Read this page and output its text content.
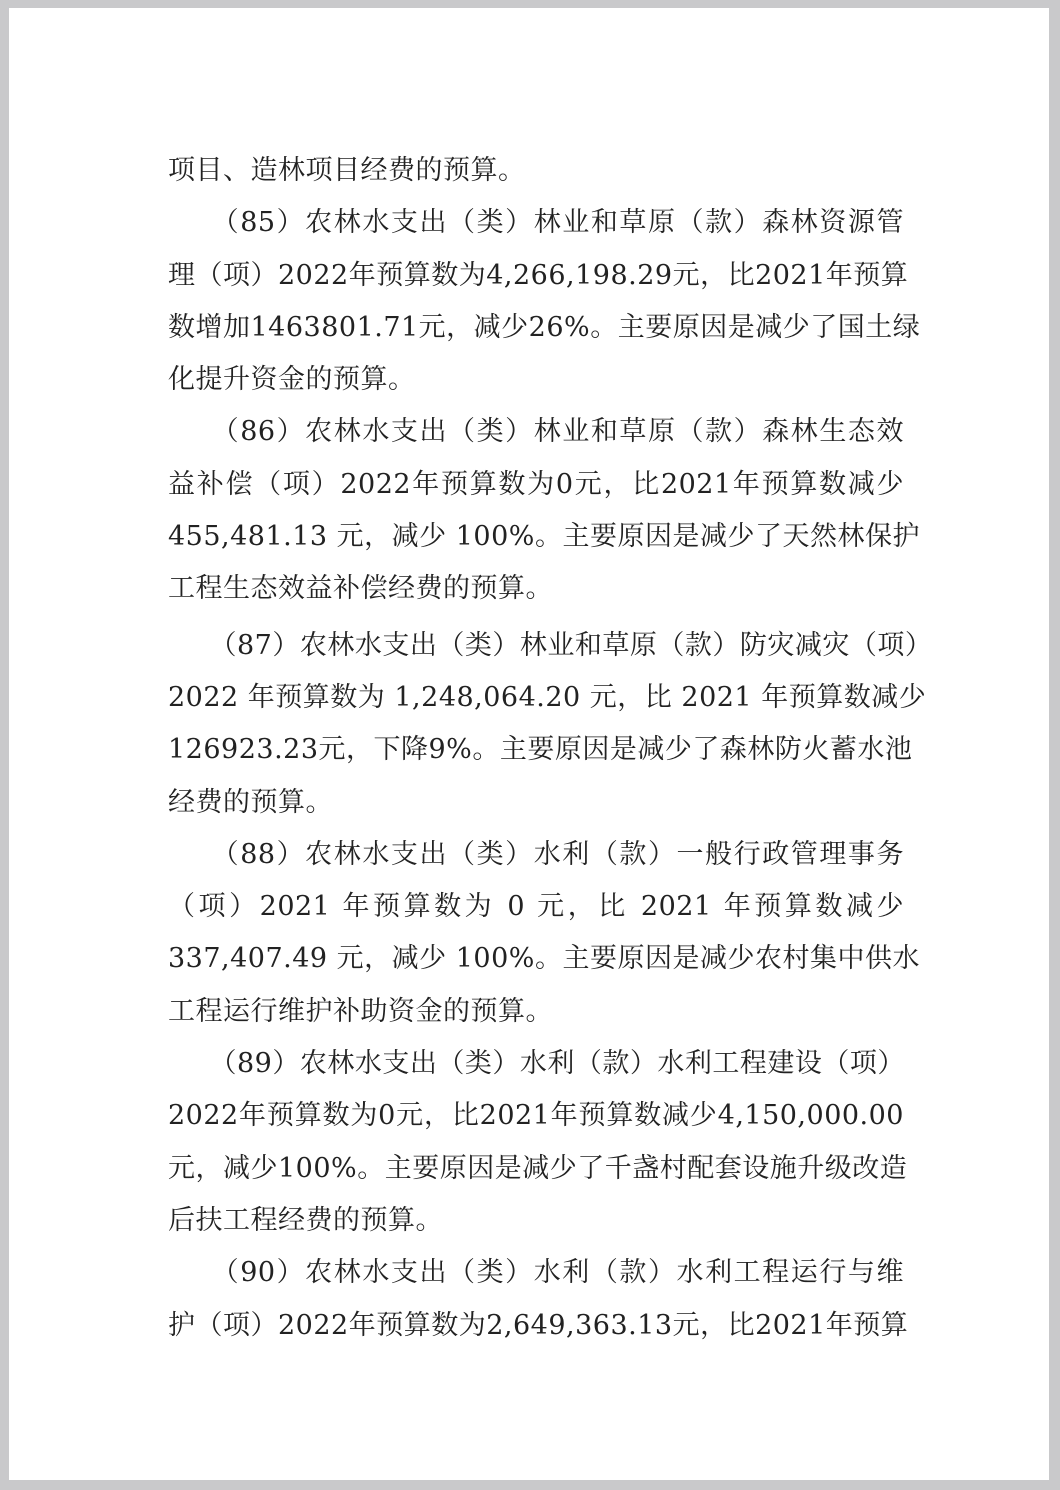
项目、造林项目经费的预算。
　　（85）农林水支出（类）林业和草原（款）森林资源管
理（项）2022年预算数为4,266,198.29元，比2021年预算
数增加1463801.71元，减少26%。主要原因是减少了国土绿
化提升资金的预算。
　　（86）农林水支出（类）林业和草原（款）森林生态效
益补偿（项）2022年预算数为0元，比2021年预算数减少
455,481.13 元，减少 100%。主要原因是减少了天然林保护
工程生态效益补偿经费的预算。
　　（87）农林水支出（类）林业和草原（款）防灾减灾（项）
2022 年预算数为 1,248,064.20 元，比 2021 年预算数减少
126923.23元，下降9%。主要原因是减少了森林防火蓄水池
经费的预算。
　　（88）农林水支出（类）水利（款）一般行政管理事务
（项）2021 年预算数为 0 元，比 2021 年预算数减少
337,407.49 元，减少 100%。主要原因是减少农村集中供水
工程运行维护补助资金的预算。
　　（89）农林水支出（类）水利（款）水利工程建设（项）
2022年预算数为0元，比2021年预算数减少4,150,000.00
元，减少100%。主要原因是减少了千盏村配套设施升级改造
后扶工程经费的预算。
　　（90）农林水支出（类）水利（款）水利工程运行与维
护（项）2022年预算数为2,649,363.13元，比2021年预算
